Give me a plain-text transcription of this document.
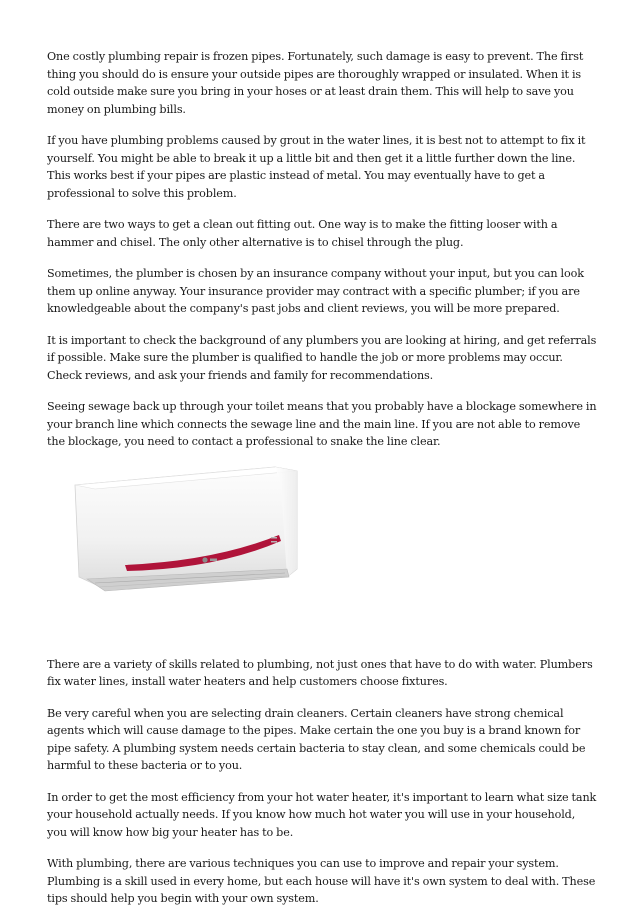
One costly plumbing repair is frozen pipes. Fortunately, such damage is easy to prevent. The first thing you should do is ensure your outside pipes are thoroughly wrapped or insulated. When it is cold outside make sure you bring in your hoses or at least drain them. This will help to save you money on plumbing bills.

If you have plumbing problems caused by grout in the water lines, it is best not to attempt to fix it yourself. You might be able to break it up a little bit and then get it a little further down the line. This works best if your pipes are plastic instead of metal. You may eventually have to get a professional to solve this problem.

There are two ways to get a clean out fitting out. One way is to make the fitting looser with a hammer and chisel. The only other alternative is to chisel through the plug.

Sometimes, the plumber is chosen by an insurance company without your input, but you can look them up online anyway. Your insurance provider may contract with a specific plumber; if you are knowledgeable about the company's past jobs and client reviews, you will be more prepared.

It is important to check the background of any plumbers you are looking at hiring, and get referrals if possible. Make sure the plumber is qualified to handle the job or more problems may occur. Check reviews, and ask your friends and family for recommendations.

Seeing sewage back up through your toilet means that you probably have a blockage somewhere in your branch line which connects the sewage line and the main line. If you are not able to remove the blockage, you need to contact a professional to snake the line clear.

There are a variety of skills related to plumbing, not just ones that have to do with water. Plumbers fix water lines, install water heaters and help customers choose fixtures.

Be very careful when you are selecting drain cleaners. Certain cleaners have strong chemical agents which will cause damage to the pipes. Make certain the one you buy is a brand known for pipe safety. A plumbing system needs certain bacteria to stay clean, and some chemicals could be harmful to these bacteria or to you.

In order to get the most efficiency from your hot water heater, it's important to learn what size tank your household actually needs. If you know how much hot water you will use in your household, you will know how big your heater has to be.

With plumbing, there are various techniques you can use to improve and repair your system. Plumbing is a skill used in every home, but each house will have it's own system to deal with. These tips should help you begin with your own system.
